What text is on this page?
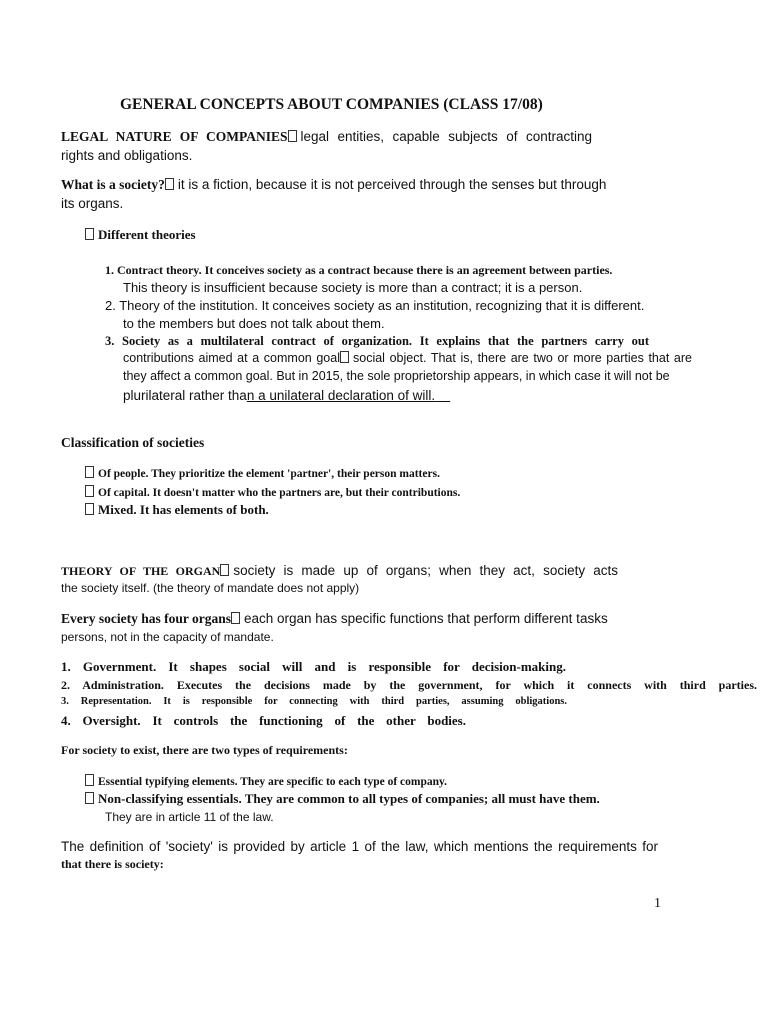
GENERAL CONCEPTS ABOUT COMPANIES (CLASS 17/08)
LEGAL NATURE OF COMPANIES legal entities, capable subjects of contracting
rights and obligations.
What is a society? it is a fiction, because it is not perceived through the senses but through
its organs.
Different theories
1. Contract theory. It conceives society as a contract because there is an agreement between parties.
This theory is insufficient because society is more than a contract; it is a person.
2. Theory of the institution. It conceives society as an institution, recognizing that it is different.
to the members but does not talk about them.
3. Society as a multilateral contract of organization. It explains that the partners carry out
contributions aimed at a common goal social object. That is, there are two or more parties that are
they affect a common goal. But in 2015, the sole proprietorship appears, in which case it will not be
plurilateral rather than a unilateral declaration of will.
Classification of societies
Of people. They prioritize the element 'partner', their person matters.
Of capital. It doesn't matter who the partners are, but their contributions.
Mixed. It has elements of both.
THEORY OF THE ORGAN society is made up of organs; when they act, society acts
the society itself. (the theory of mandate does not apply)
Every society has four organs each organ has specific functions that perform different tasks
persons, not in the capacity of mandate.
1. Government. It shapes social will and is responsible for decision-making.
2. Administration. Executes the decisions made by the government, for which it connects with third parties.
3. Representation. It is responsible for connecting with third parties, assuming obligations.
4. Oversight. It controls the functioning of the other bodies.
For society to exist, there are two types of requirements:
Essential typifying elements. They are specific to each type of company.
Non-classifying essentials. They are common to all types of companies; all must have them.
They are in article 11 of the law.
The definition of 'society' is provided by article 1 of the law, which mentions the requirements for
that there is society:
1
